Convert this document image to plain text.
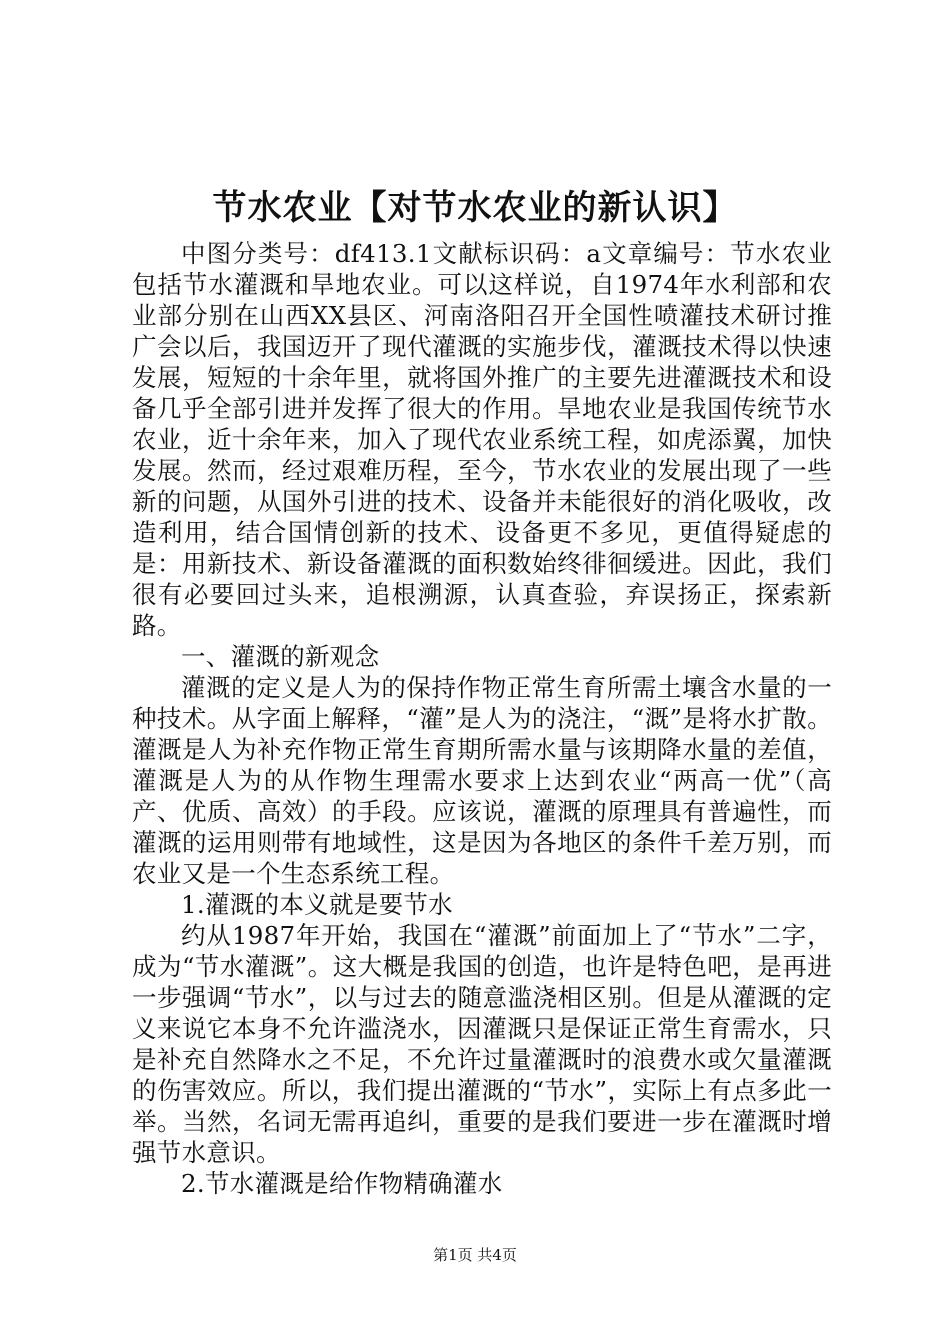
节水农业【对节水农业的新认识】

中图分类号：df413.1文献标识码：a文章编号：节水农业包括节水灌溉和旱地农业。可以这样说，自1974年水利部和农业部分别在山西XX县区、河南洛阳召开全国性喷灌技术研讨推广会以后，我国迈开了现代灌溉的实施步伐，灌溉技术得以快速发展，短短的十余年里，就将国外推广的主要先进灌溉技术和设备几乎全部引进并发挥了很大的作用。旱地农业是我国传统节水农业，近十余年来，加入了现代农业系统工程，如虎添翼，加快发展。然而，经过艰难历程，至今，节水农业的发展出现了一些新的问题，从国外引进的技术、设备并未能很好的消化吸收，改造利用，结合国情创新的技术、设备更不多见，更值得疑虑的是：用新技术、新设备灌溉的面积数始终徘徊缓进。因此，我们很有必要回过头来，追根溯源，认真查验，弃误扬正，探索新路。

一、灌溉的新观念

灌溉的定义是人为的保持作物正常生育所需土壤含水量的一种技术。从字面上解释，“灌”是人为的浇注，“溉”是将水扩散。灌溉是人为补充作物正常生育期所需水量与该期降水量的差值，灌溉是人为的从作物生理需水要求上达到农业“两高一优”（高产、优质、高效）的手段。应该说，灌溉的原理具有普遍性，而灌溉的运用则带有地域性，这是因为各地区的条件千差万别，而农业又是一个生态系统工程。

1.灌溉的本义就是要节水

约从1987年开始，我国在“灌溉”前面加上了“节水”二字，成为“节水灌溉”。这大概是我国的创造，也许是特色吧，是再进一步强调“节水”，以与过去的随意滥浇相区别。但是从灌溉的定义来说它本身不允许滥浇水，因灌溉只是保证正常生育需水，只是补充自然降水之不足，不允许过量灌溉时的浪费水或欠量灌溉的伤害效应。所以，我们提出灌溉的“节水”，实际上有点多此一举。当然，名词无需再追纠，重要的是我们要进一步在灌溉时增强节水意识。

2.节水灌溉是给作物精确灌水

第1页 共4页
